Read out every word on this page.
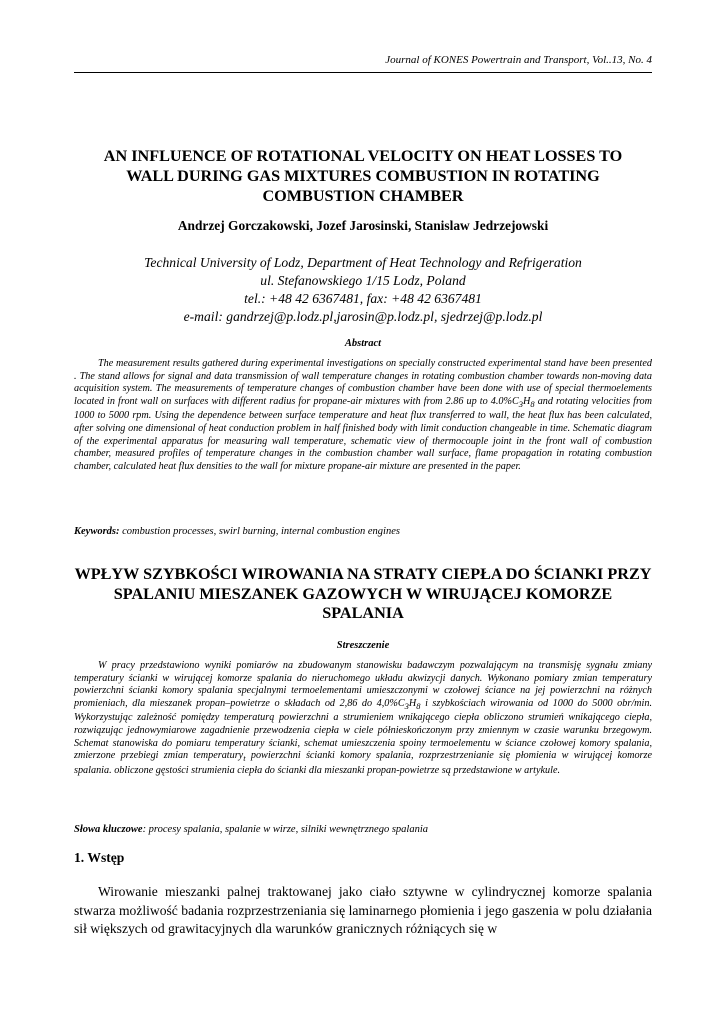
Journal of KONES Powertrain and Transport, Vol..13, No. 4
AN INFLUENCE OF ROTATIONAL VELOCITY ON HEAT LOSSES TO WALL DURING GAS MIXTURES COMBUSTION IN ROTATING COMBUSTION CHAMBER
Andrzej Gorczakowski, Jozef Jarosinski, Stanislaw Jedrzejowski
Technical University of Lodz, Department of Heat Technology and Refrigeration
ul. Stefanowskiego 1/15 Lodz, Poland
tel.: +48 42 6367481, fax: +48 42 6367481
e-mail: gandrzej@p.lodz.pl,jarosin@p.lodz.pl, sjedrzej@p.lodz.pl
Abstract
The measurement results gathered during experimental investigations on specially constructed experimental stand have been presented . The stand allows for signal and data transmission of wall temperature changes in rotating combustion chamber towards non-moving data acquisition system. The measurements of temperature changes of combustion chamber have been done with use of special thermoelements located in front wall on surfaces with different radius for propane-air mixtures with from 2.86 up to $4.0\%C_3H_8$ and rotating velocities from 1000 to 5000 rpm. Using the dependence between surface temperature and heat flux transferred to wall, the heat flux has been calculated, after solving one dimensional of heat conduction problem in half finished body with limit conduction changeable in time. Schematic diagram of the experimental apparatus for measuring wall temperature, schematic view of thermocouple joint in the front wall of combustion chamber, measured profiles of temperature changes in the combustion chamber wall surface, flame propagation in rotating combustion chamber, calculated heat flux densities to the wall for mixture propane-air mixture are presented in the paper.
Keywords: combustion processes, swirl burning, internal combustion engines
WPŁYW SZYBKOŚCI WIROWANIA NA STRATY CIEPŁA DO ŚCIANKI PRZY SPALANIU MIESZANEK GAZOWYCH W WIRUJĄCEJ KOMORZE SPALANIA
Streszczenie
W pracy przedstawiono wyniki pomiarów na zbudowanym stanowisku badawczym pozwalającym na transmisję sygnału zmiany temperatury ścianki w wirującej komorze spalania do nieruchomego układu akwizycji danych. Wykonano pomiary zmian temperatury powierzchni ścianki komory spalania specjalnymi termoelementami umieszczonymi w czołowej ściance na jej powierzchni na różnych promieniach, dla mieszanek propan–powietrze o składach od 2,86 do $4,0\%C_3H_8$ i szybkościach wirowania od 1000 do 5000 obr/min. Wykorzystując zależność pomiędzy temperaturą powierzchni a strumieniem wnikającego ciepła obliczono strumień wnikającego ciepła, rozwiązując jednowymiarowe zagadnienie przewodzenia ciepła w ciele półnieskończonym przy zmiennym w czasie warunku brzegowym. Schemat stanowiska do pomiaru temperatury ścianki, schemat umieszczenia spoiny termoelementu w ściance czołowej komory spalania, zmierzone przebiegi zmian temperatury$_t$ powierzchni ścianki komory spalania, rozprzestrzenianie się płomienia w wirującej komorze spalania. obliczone gęstości strumienia ciepła do ścianki dla mieszanki propan-powietrze są przedstawione w artykule.
Słowa kluczowe: procesy spalania, spalanie w wirze, silniki wewnętrznego spalania
1. Wstęp
Wirowanie mieszanki palnej traktowanej jako ciało sztywne w cylindrycznej komorze spalania stwarza możliwość badania rozprzestrzeniania się laminarnego płomienia i jego gaszenia w polu działania sił większych od grawitacyjnych dla warunków granicznych różniących się w
